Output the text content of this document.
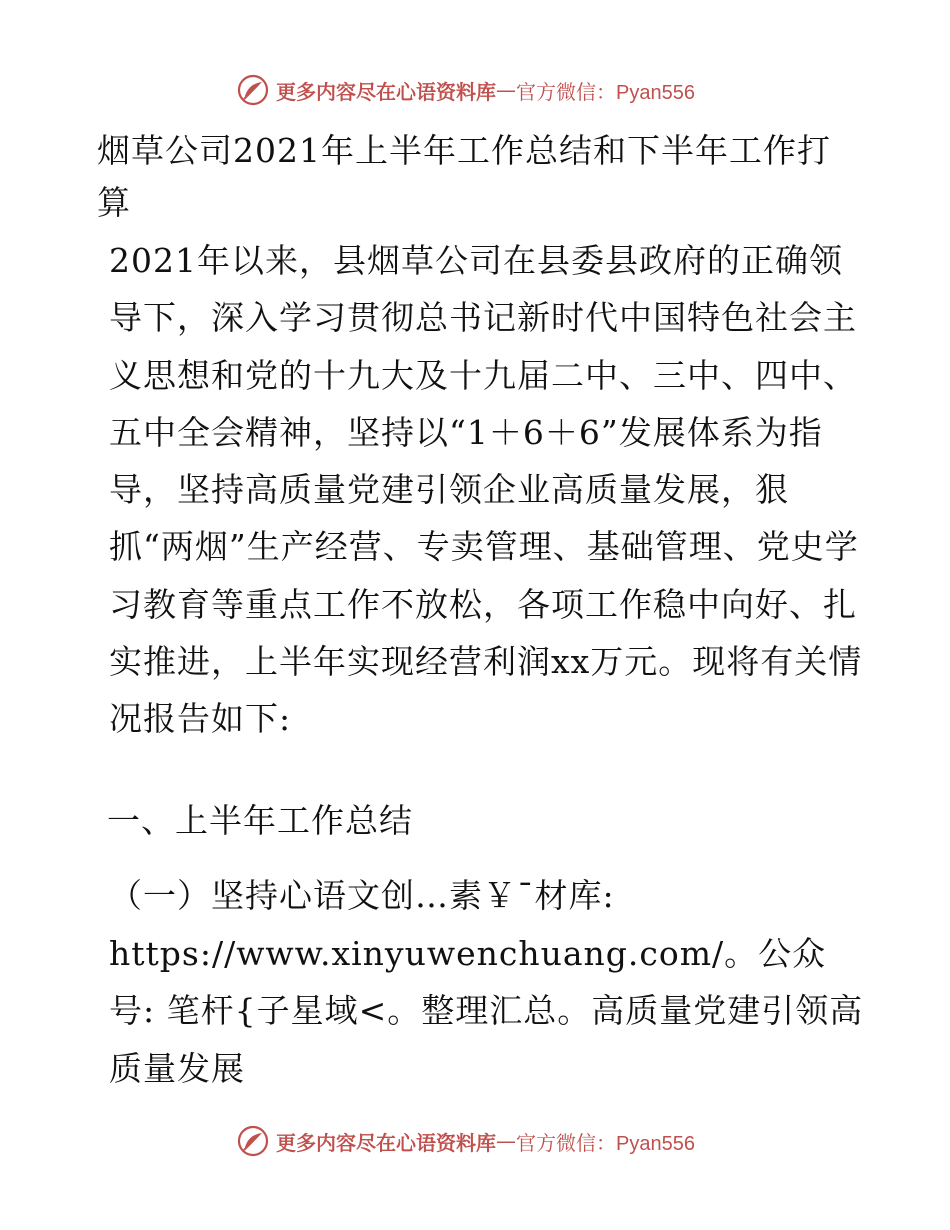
更多内容尽在心语资料库 — 官方微信：Pyan556
烟草公司2021年上半年工作总结和下半年工作打算

2021年以来，县烟草公司在县委县政府的正确领导下，深入学习贯彻总书记新时代中国特色社会主义思想和党的十九大及十九届二中、三中、四中、五中全会精神，坚持以“1＋6＋6”发展体系为指导，坚持高质量党建引领企业高质量发展，狠抓“两烟”生产经营、专卖管理、基础管理、党史学习教育等重点工作不放松，各项工作稳中向好、扎实推进，上半年实现经营利润xx万元。现将有关情况报告如下:

一、上半年工作总结

（一）坚持心语文创…素￥¯材库: https://www.xinyuwenchuang.com/。公众号: 笔杆{子星域<。整理汇总。高质量党建引领高质量发展

更多内容尽在心语资料库 — 官方微信：Pyan556
